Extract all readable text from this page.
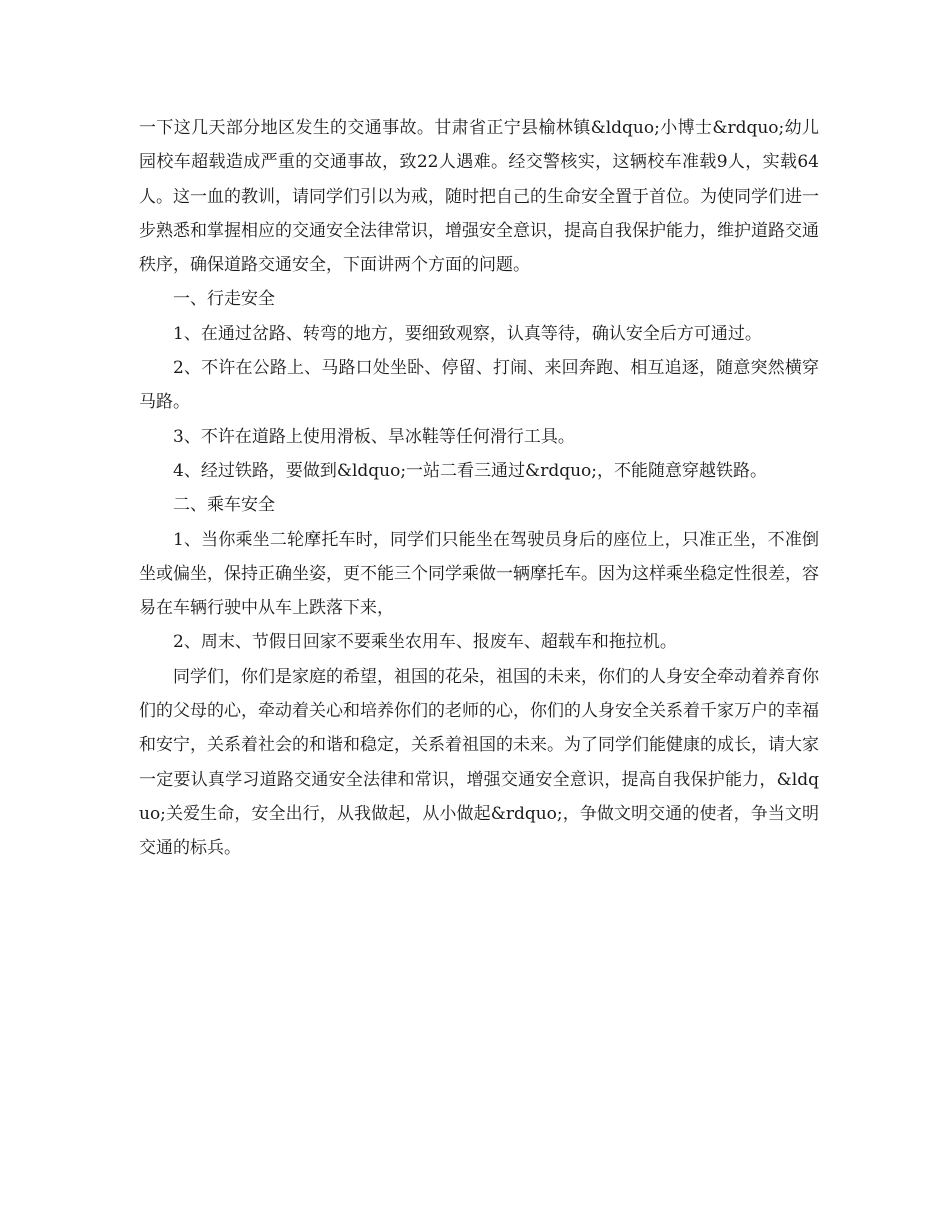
一下这几天部分地区发生的交通事故。甘肃省正宁县榆林镇&ldquo;小博士&rdquo;幼儿园校车超载造成严重的交通事故，致22人遇难。经交警核实，这辆校车准载9人，实载64人。这一血的教训，请同学们引以为戒，随时把自己的生命安全置于首位。为使同学们进一步熟悉和掌握相应的交通安全法律常识，增强安全意识，提高自我保护能力，维护道路交通秩序，确保道路交通安全，下面讲两个方面的问题。

一、行走安全

1、在通过岔路、转弯的地方，要细致观察，认真等待，确认安全后方可通过。

2、不许在公路上、马路口处坐卧、停留、打闹、来回奔跑、相互追逐，随意突然横穿马路。

3、不许在道路上使用滑板、旱冰鞋等任何滑行工具。

4、经过铁路，要做到&ldquo;一站二看三通过&rdquo;，不能随意穿越铁路。

二、乘车安全

1、当你乘坐二轮摩托车时，同学们只能坐在驾驶员身后的座位上，只准正坐，不准倒坐或偏坐，保持正确坐姿，更不能三个同学乘做一辆摩托车。因为这样乘坐稳定性很差，容易在车辆行驶中从车上跌落下来，

2、周末、节假日回家不要乘坐农用车、报废车、超载车和拖拉机。

同学们，你们是家庭的希望，祖国的花朵，祖国的未来，你们的人身安全牵动着养育你们的父母的心，牵动着关心和培养你们的老师的心，你们的人身安全关系着千家万户的幸福和安宁，关系着社会的和谐和稳定，关系着祖国的未来。为了同学们能健康的成长，请大家一定要认真学习道路交通安全法律和常识，增强交通安全意识，提高自我保护能力，&ldquo;关爱生命，安全出行，从我做起，从小做起&rdquo;，争做文明交通的使者，争当文明交通的标兵。
